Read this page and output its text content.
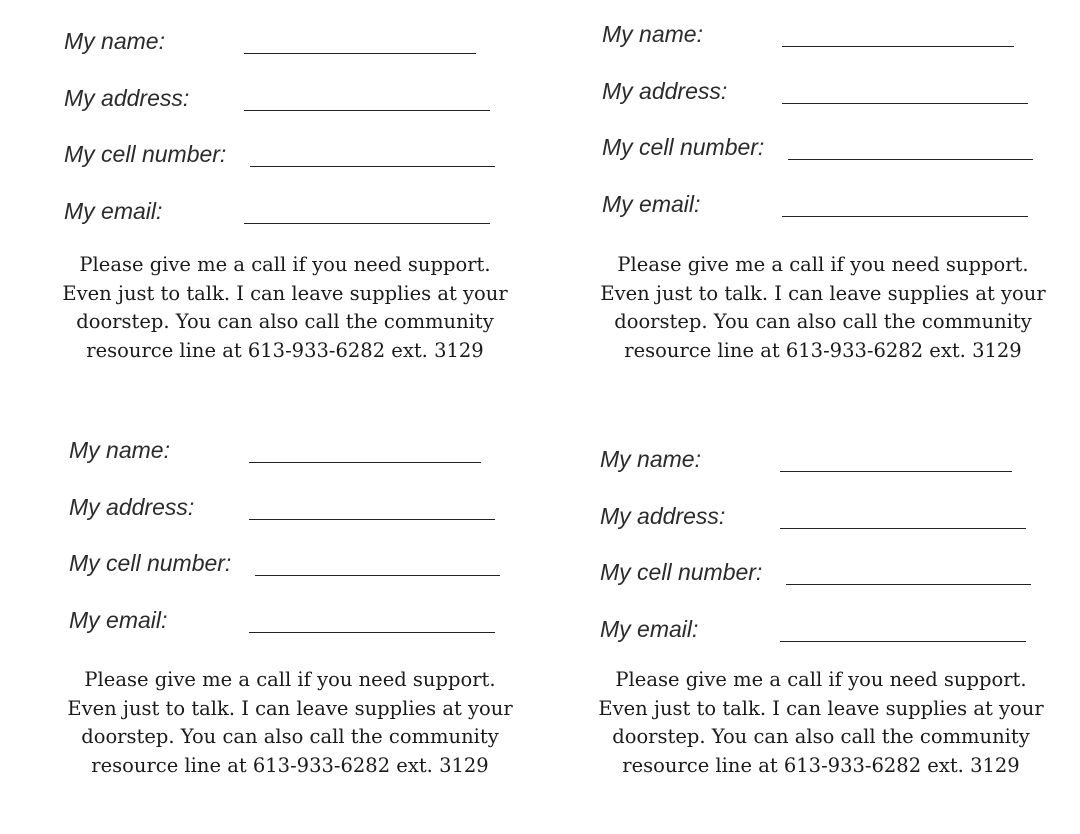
My name:
My address:
My cell number:
My email:
Please give me a call if you need support.
Even just to talk. I can leave supplies at your
doorstep. You can also call the community
resource line at 613-933-6282 ext. 3129
My name:
My address:
My cell number:
My email:
Please give me a call if you need support.
Even just to talk. I can leave supplies at your
doorstep. You can also call the community
resource line at 613-933-6282 ext. 3129
My name:
My address:
My cell number:
My email:
Please give me a call if you need support.
Even just to talk. I can leave supplies at your
doorstep. You can also call the community
resource line at 613-933-6282 ext. 3129
My name:
My address:
My cell number:
My email:
Please give me a call if you need support.
Even just to talk. I can leave supplies at your
doorstep. You can also call the community
resource line at 613-933-6282 ext. 3129
